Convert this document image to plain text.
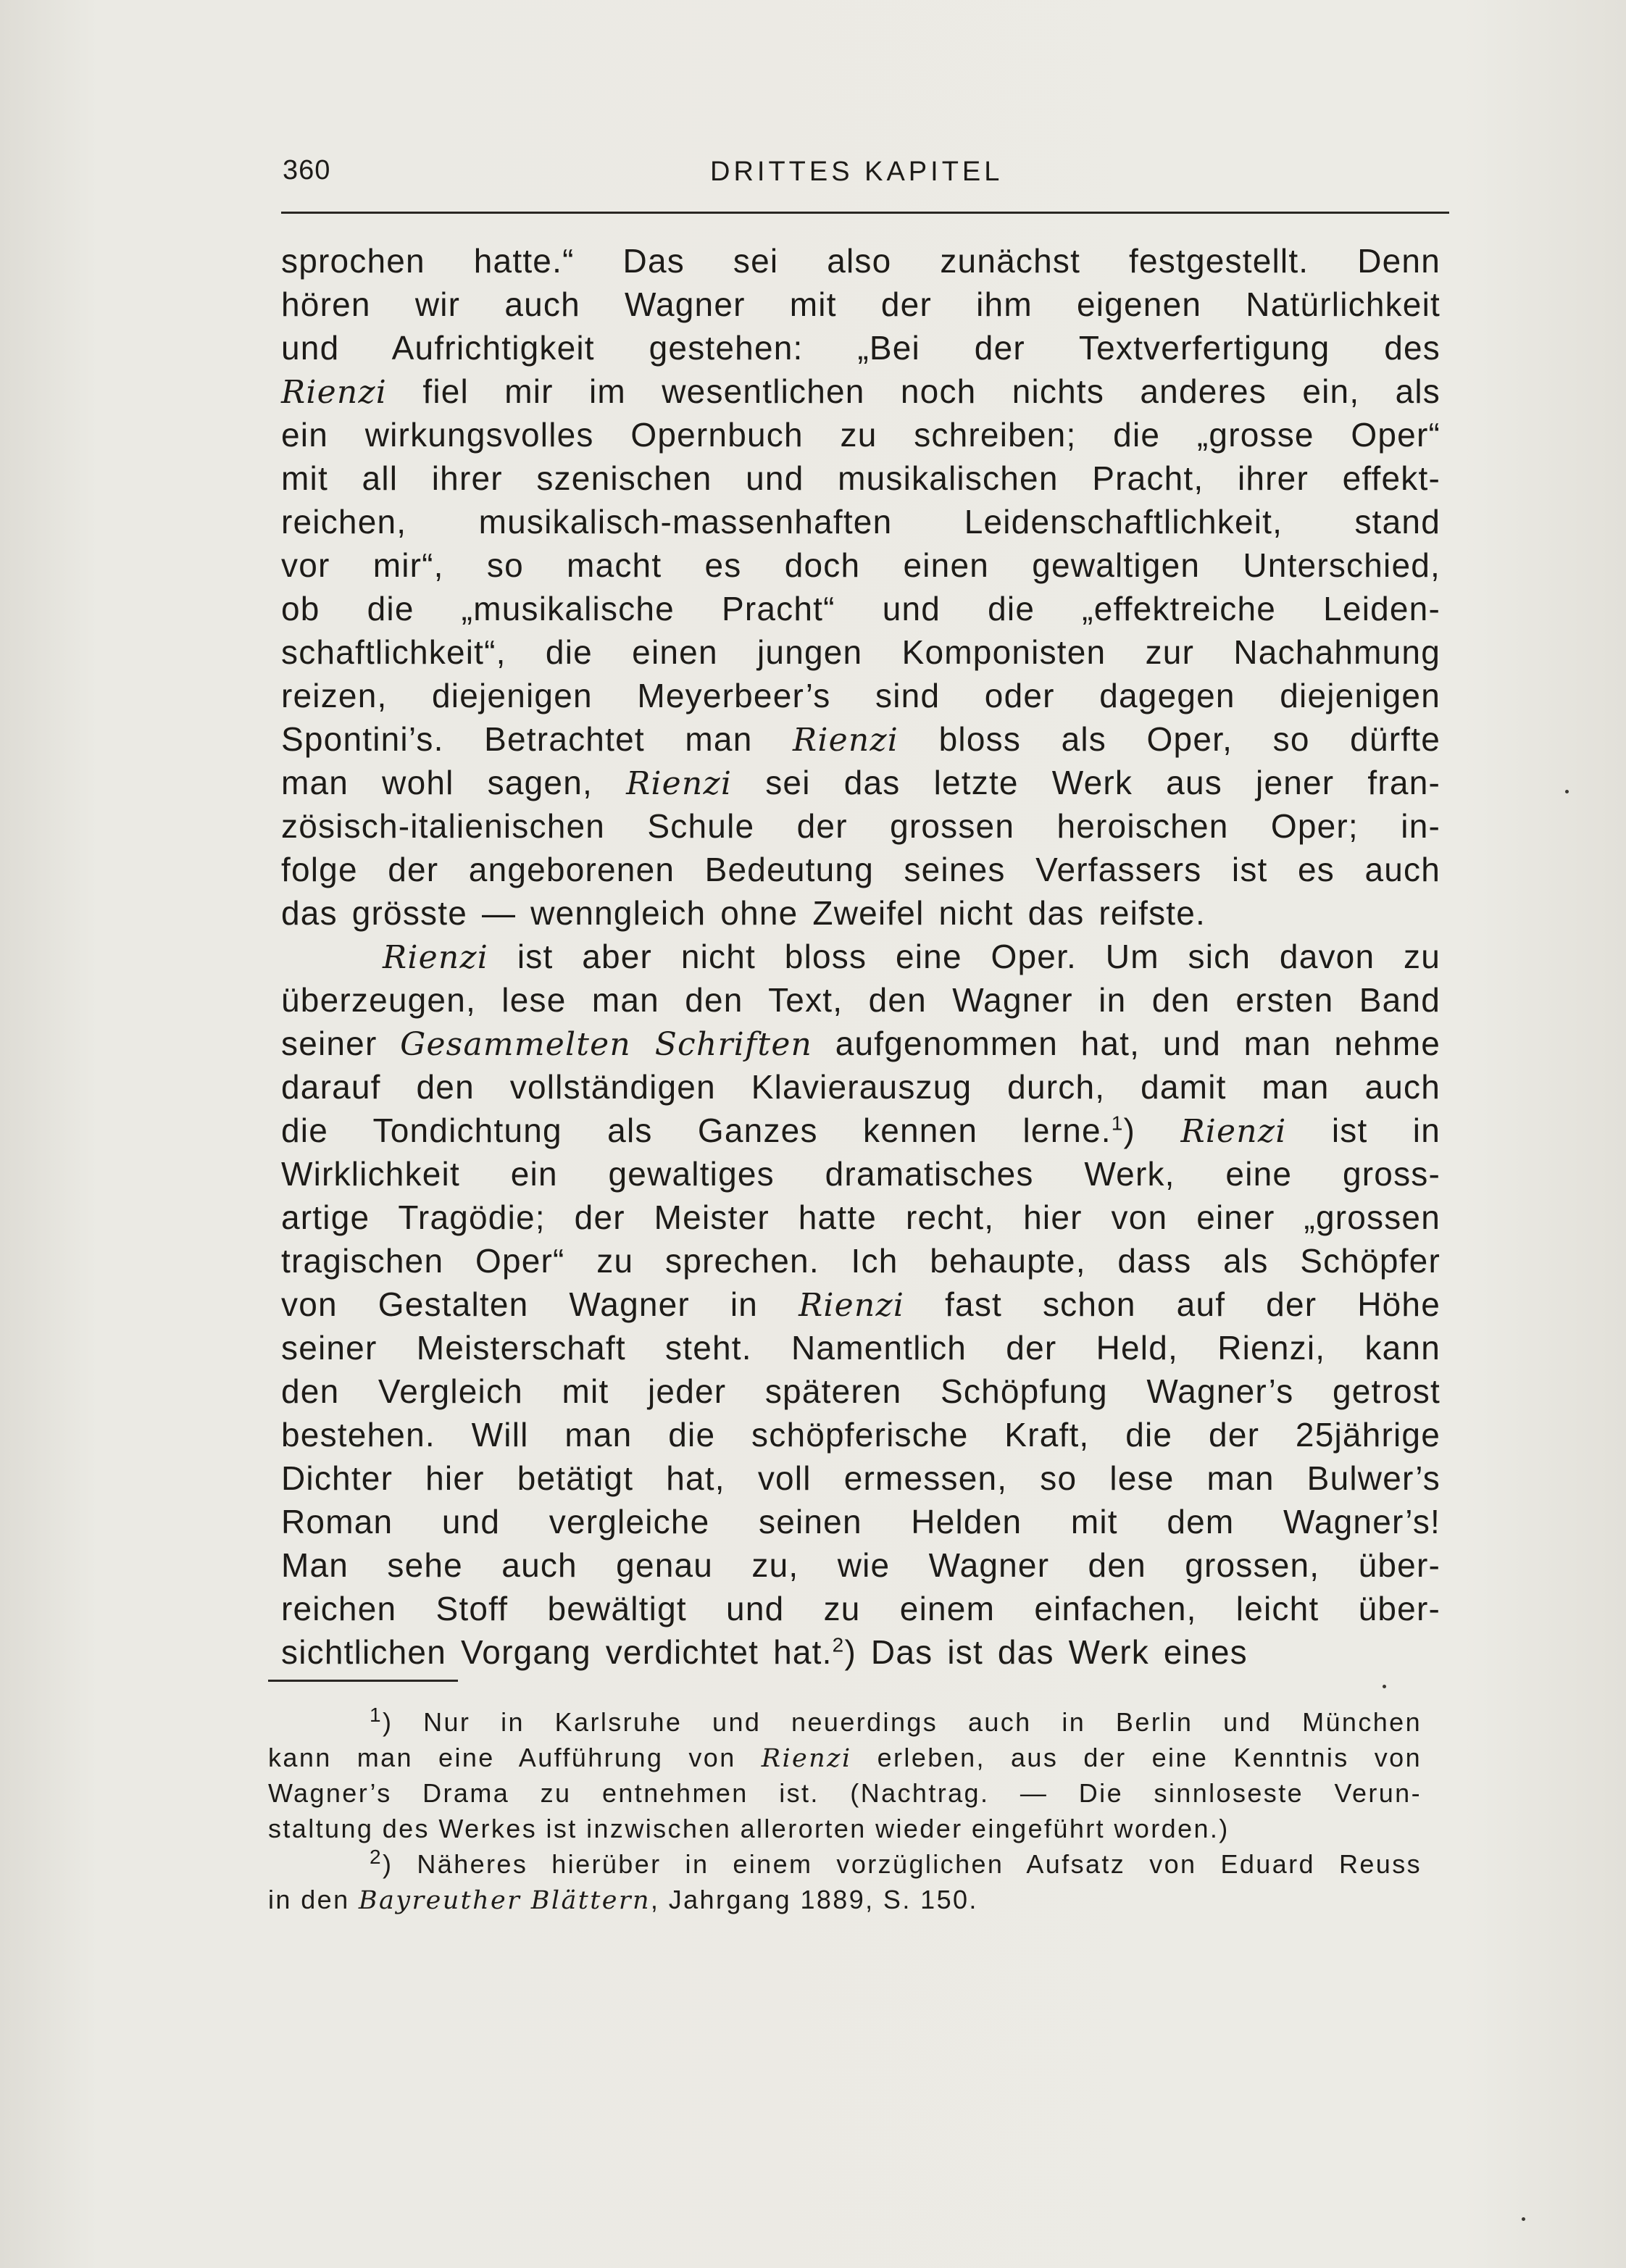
360	DRITTES KAPITEL
sprochen hatte.“ Das sei also zunächst festgestellt. Denn
hören wir auch Wagner mit der ihm eigenen Natürlichkeit
und Aufrichtigkeit gestehen: „Bei der Textverfertigung des
Rienzi fiel mir im wesentlichen noch nichts anderes ein, als
ein wirkungsvolles Opernbuch zu schreiben; die „grosse Oper“
mit all ihrer szenischen und musikalischen Pracht, ihrer effekt-
reichen, musikalisch-massenhaften Leidenschaftlichkeit, stand
vor mir“, so macht es doch einen gewaltigen Unterschied,
ob die „musikalische Pracht“ und die „effektreiche Leiden-
schaftlichkeit“, die einen jungen Komponisten zur Nachahmung
reizen, diejenigen Meyerbeer’s sind oder dagegen diejenigen
Spontini’s. Betrachtet man Rienzi bloss als Oper, so dürfte
man wohl sagen, Rienzi sei das letzte Werk aus jener fran-
zösisch-italienischen Schule der grossen heroischen Oper; in-
folge der angeborenen Bedeutung seines Verfassers ist es auch
das grösste — wenngleich ohne Zweifel nicht das reifste.
Rienzi ist aber nicht bloss eine Oper. Um sich davon zu
überzeugen, lese man den Text, den Wagner in den ersten Band
seiner Gesammelten Schriften aufgenommen hat, und man nehme
darauf den vollständigen Klavierauszug durch, damit man auch
die Tondichtung als Ganzes kennen lerne.$^1$) Rienzi ist in
Wirklichkeit ein gewaltiges dramatisches Werk, eine gross-
artige Tragödie; der Meister hatte recht, hier von einer „grossen
tragischen Oper“ zu sprechen. Ich behaupte, dass als Schöpfer
von Gestalten Wagner in Rienzi fast schon auf der Höhe
seiner Meisterschaft steht. Namentlich der Held, Rienzi, kann
den Vergleich mit jeder späteren Schöpfung Wagner’s getrost
bestehen. Will man die schöpferische Kraft, die der 25jährige
Dichter hier betätigt hat, voll ermessen, so lese man Bulwer’s
Roman und vergleiche seinen Helden mit dem Wagner’s!
Man sehe auch genau zu, wie Wagner den grossen, über-
reichen Stoff bewältigt und zu einem einfachen, leicht über-
sichtlichen Vorgang verdichtet hat.$^2$) Das ist das Werk eines
$^1$) Nur in Karlsruhe und neuerdings auch in Berlin und München
kann man eine Aufführung von Rienzi erleben, aus der eine Kenntnis von
Wagner’s Drama zu entnehmen ist. (Nachtrag. — Die sinnloseste Verun-
staltung des Werkes ist inzwischen allerorten wieder eingeführt worden.)
$^2$) Näheres hierüber in einem vorzüglichen Aufsatz von Eduard Reuss
in den Bayreuther Blättern, Jahrgang 1889, S. 150.
